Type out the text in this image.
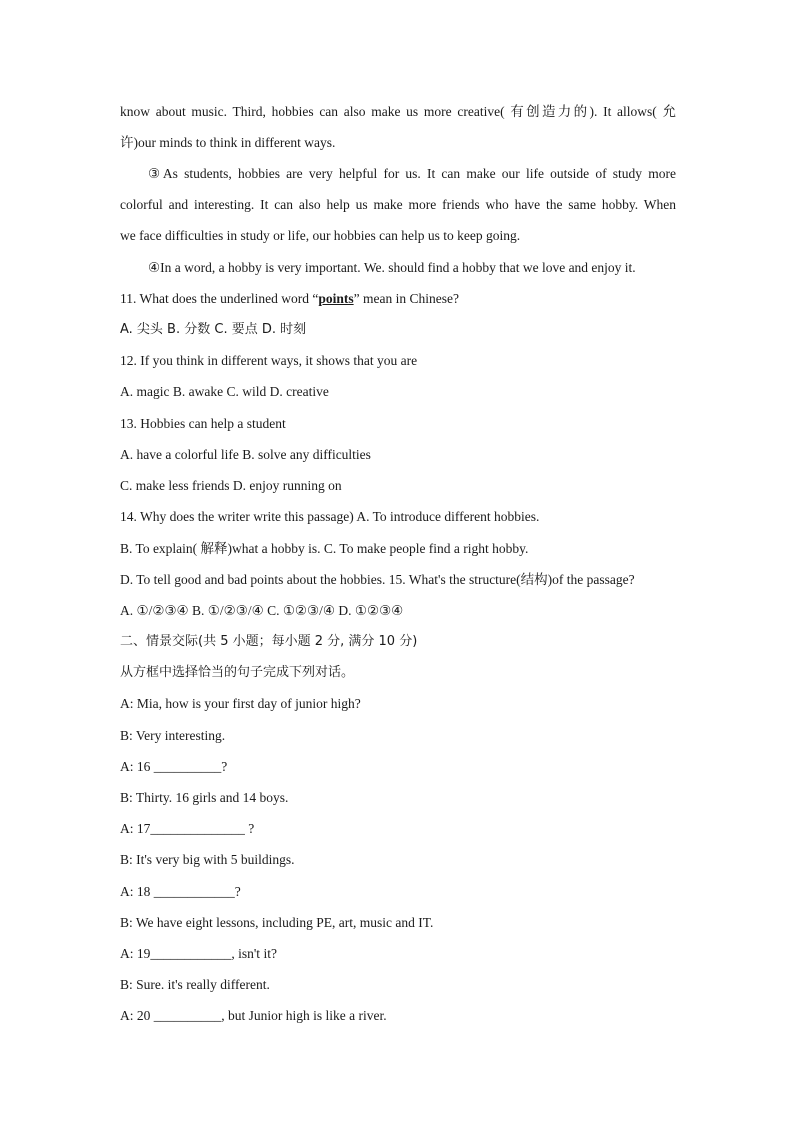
know about music. Third, hobbies can also make us more creative( 有创造力的). It allows( 允
许)our minds to think in different ways.
③As students, hobbies are very helpful for us. It can make our life outside of study more
colorful and interesting. It can also help us make more friends who have the same hobby. When
we face difficulties in study or life, our hobbies can help us to keep going.
④In a word, a hobby is very important. We. should find a hobby that we love and enjoy it.
11. What does the underlined word “points” mean in Chinese?
A. 尖头 B. 分数 C. 要点 D. 时刻
12. If you think in different ways, it shows that you are
A. magic B. awake C. wild D. creative
13. Hobbies can help a student
A. have a colorful life B. solve any difficulties
C. make less friends D. enjoy running on
14. Why does the writer write this passage) A. To introduce different hobbies.
B. To explain( 解释)what a hobby is. C. To make people find a right hobby.
D. To tell good and bad points about the hobbies. 15. What's the structure(结构)of the passage?
A. ①/②③④ B. ①/②③/④ C. ①②③/④ D. ①②③④
二、情景交际(共 5 小题；每小题 2 分, 满分 10 分)
从方框中选择恰当的句子完成下列对话。
A: Mia, how is your first day of junior high?
B: Very interesting.
A: 16 __________?
B: Thirty. 16 girls and 14 boys.
A: 17______________ ?
B: It's very big with 5 buildings.
A: 18 ____________?
B: We have eight lessons, including PE, art, music and IT.
A: 19____________, isn't it?
B: Sure. it's really different.
A: 20 __________, but Junior high is like a river.
